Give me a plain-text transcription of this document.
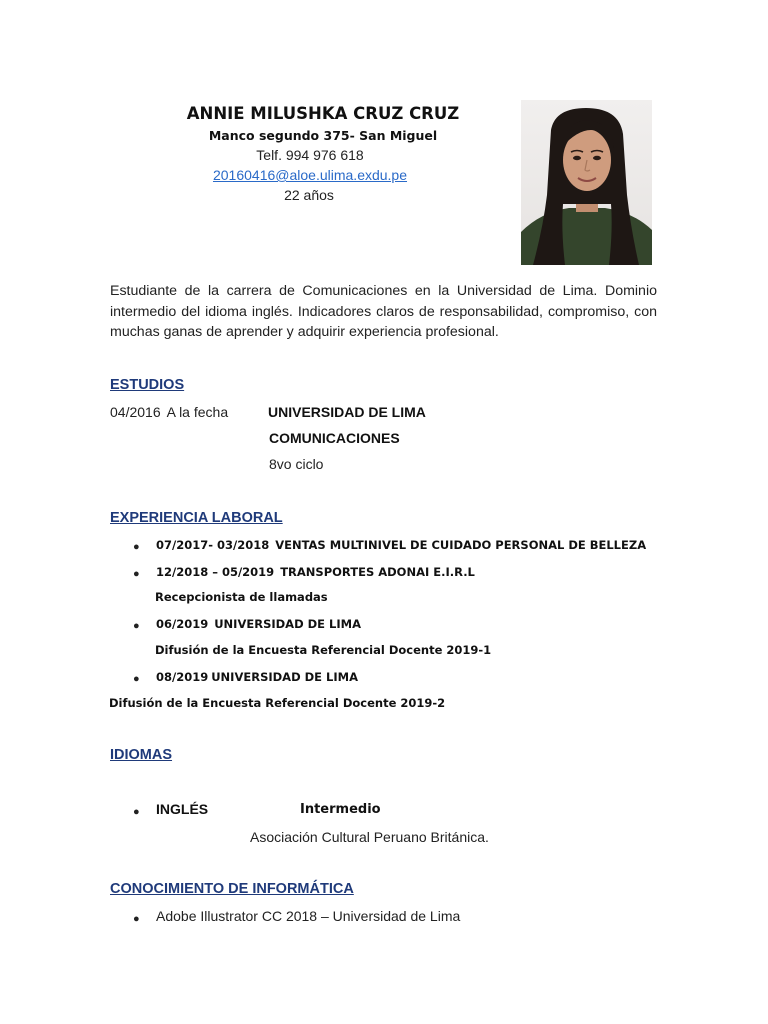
ANNIE MILUSHKA CRUZ CRUZ
Manco segundo 375- San Miguel
Telf. 994 976 618
20160416@aloe.ulima.exdu.pe
22 años
Estudiante de la carrera de Comunicaciones en la Universidad de Lima. Dominio intermedio del idioma inglés. Indicadores claros de responsabilidad, compromiso, con muchas ganas de aprender y adquirir experiencia profesional.
ESTUDIOS
04/2016 A la fecha	UNIVERSIDAD DE LIMA
COMUNICACIONES
8vo ciclo
EXPERIENCIA LABORAL
● 07/2017- 03/2018 VENTAS MULTINIVEL DE CUIDADO PERSONAL DE BELLEZA
● 12/2018 – 05/2019 TRANSPORTES ADONAI E.I.R.L
Recepcionista de llamadas
● 06/2019 UNIVERSIDAD DE LIMA
Difusión de la Encuesta Referencial Docente 2019-1
● 08/2019 UNIVERSIDAD DE LIMA
Difusión de la Encuesta Referencial Docente 2019-2
IDIOMAS
● INGLÉS	Intermedio
Asociación Cultural Peruano Británica.
CONOCIMIENTO DE INFORMÁTICA
● Adobe Illustrator CC 2018 – Universidad de Lima
